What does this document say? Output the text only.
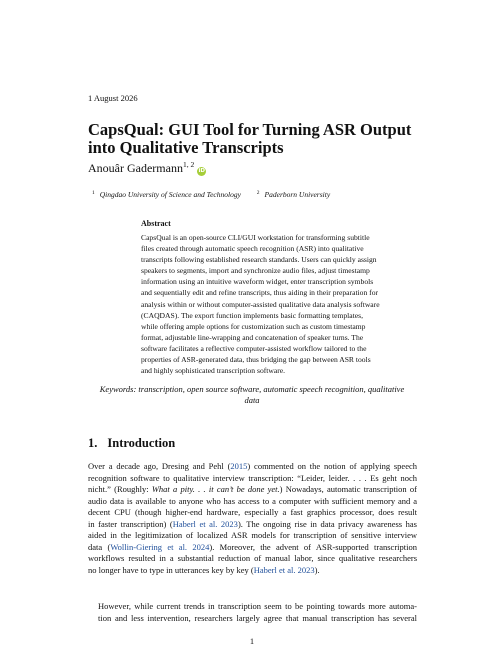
1 August 2026
CapsQual: GUI Tool for Turning ASR Output into Qualitative Transcripts
Anouâr Gadermann$^{1, 2}$iD
$^1$ Qingdao University of Science and Technology	$^2$ Paderborn University
Abstract
CapsQual is an open-source CLI/GUI workstation for transforming subtitle
files created through automatic speech recognition (ASR) into qualitative
transcripts following established research standards. Users can quickly assign
speakers to segments, import and synchronize audio files, adjust timestamp
information using an intuitive waveform widget, enter transcription symbols
and sequentially edit and refine transcripts, thus aiding in their preparation for
analysis within or without computer-assisted qualitative data analysis software
(CAQDAS). The export function implements basic formatting templates,
while offering ample options for customization such as custom timestamp
format, adjustable line-wrapping and concatenation of speaker turns. The
software facilitates a reflective computer-assisted workflow tailored to the
properties of ASR-generated data, thus bridging the gap between ASR tools
and highly sophisticated transcription software.
Keywords: transcription, open source software, automatic speech recognition, qualitative data
1. Introduction
Over a decade ago, Dresing and Pehl (2015) commented on the notion of applying speech
recognition software to qualitative interview transcription: “Leider, leider. . . . Es geht noch
nicht.” (Roughly: What a pity. . . it can’t be done yet.) Nowadays, automatic transcription of
audio data is available to anyone who has access to a computer with sufficient memory and a
decent CPU (though higher-end hardware, especially a fast graphics processor, does result
in faster transcription) (Haberl et al. 2023). The ongoing rise in data privacy awareness has
aided in the legitimization of localized ASR models for transcription of sensitive interview
data (Wollin-Giering et al. 2024). Moreover, the advent of ASR-supported transcription
workflows resulted in a substantial reduction of manual labor, since qualitative researchers
no longer have to type in utterances key by key (Haberl et al. 2023).
However, while current trends in transcription seem to be pointing towards more automa-
tion and less intervention, researchers largely agree that manual transcription has several
1
